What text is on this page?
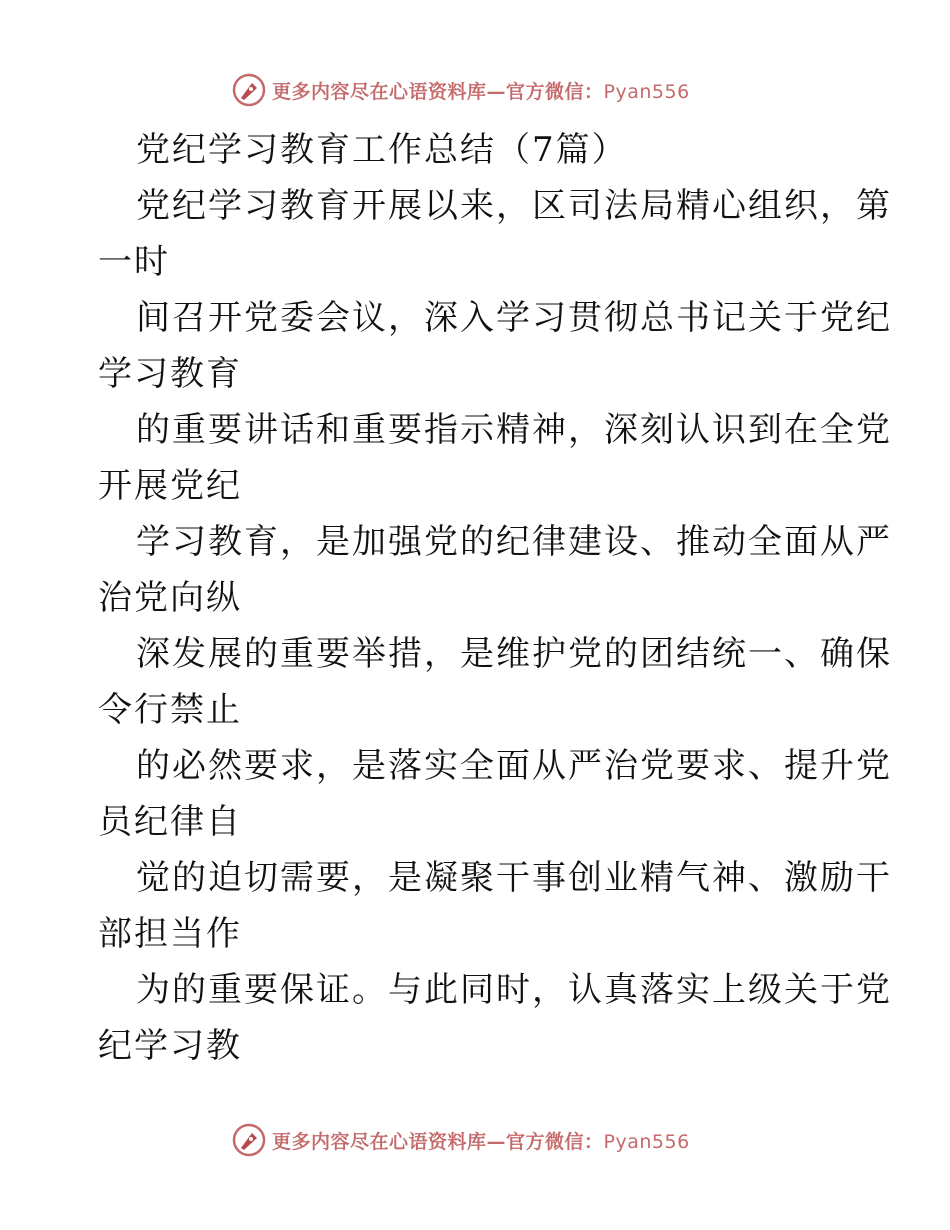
更多内容尽在心语资料库—官方微信：Pyan556
党纪学习教育工作总结（7篇）
党纪学习教育开展以来，区司法局精心组织，第
一时
间召开党委会议，深入学习贯彻总书记关于党纪
学习教育
的重要讲话和重要指示精神，深刻认识到在全党
开展党纪
学习教育，是加强党的纪律建设、推动全面从严
治党向纵
深发展的重要举措，是维护党的团结统一、确保
令行禁止
的必然要求，是落实全面从严治党要求、提升党
员纪律自
觉的迫切需要，是凝聚干事创业精气神、激励干
部担当作
为的重要保证。与此同时，认真落实上级关于党
纪学习教
更多内容尽在心语资料库—官方微信：Pyan556
